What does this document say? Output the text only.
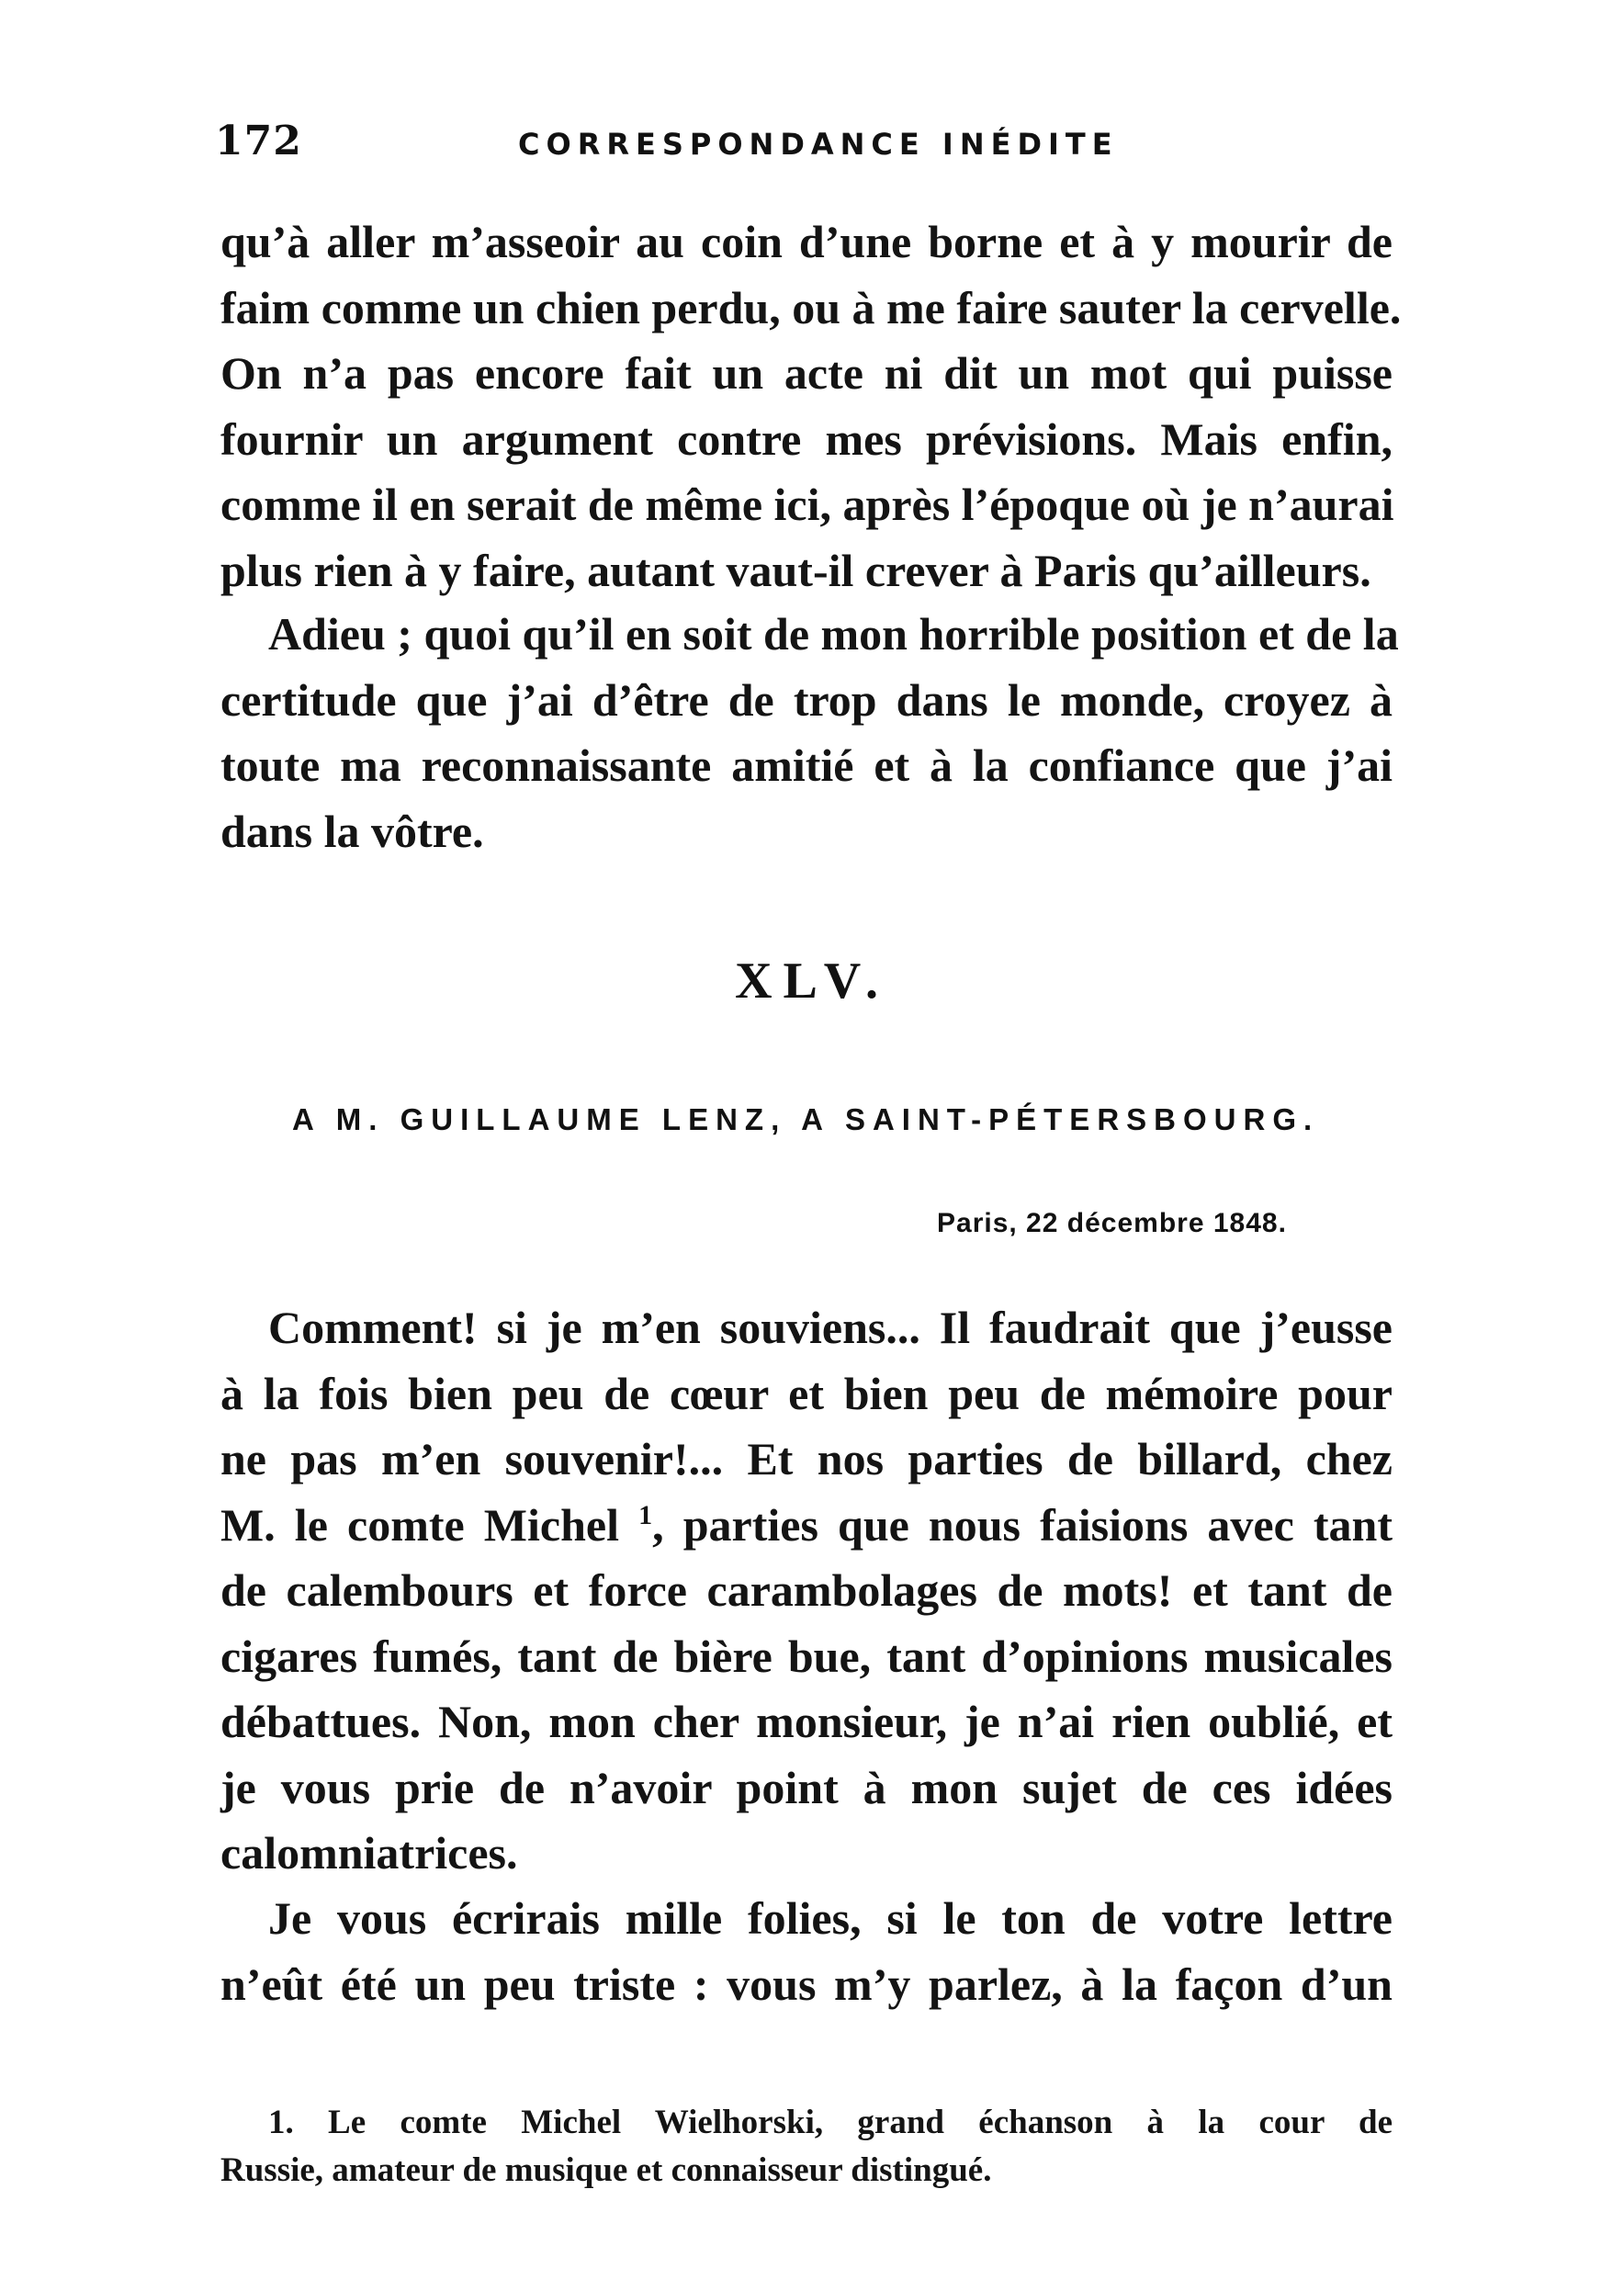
172	CORRESPONDANCE INÉDITE
qu’à aller m’asseoir au coin d’une borne et à y mourir de
faim comme un chien perdu, ou à me faire sauter la cervelle.
On n’a pas encore fait un acte ni dit un mot qui puisse
fournir un argument contre mes prévisions. Mais enfin,
comme il en serait de même ici, après l’époque où je n’aurai
plus rien à y faire, autant vaut-il crever à Paris qu’ailleurs.
Adieu ; quoi qu’il en soit de mon horrible position et de la
certitude que j’ai d’être de trop dans le monde, croyez à
toute ma reconnaissante amitié et à la confiance que j’ai
dans la vôtre.
XLV.
A M. GUILLAUME LENZ, A SAINT-PÉTERSBOURG.
Paris, 22 décembre 1848.
Comment! si je m’en souviens... Il faudrait que j’eusse
à la fois bien peu de cœur et bien peu de mémoire pour
ne pas m’en souvenir!... Et nos parties de billard, chez
M. le comte Michel $^1$, parties que nous faisions avec tant
de calembours et force carambolages de mots! et tant de
cigares fumés, tant de bière bue, tant d’opinions musicales
débattues. Non, mon cher monsieur, je n’ai rien oublié, et
je vous prie de n’avoir point à mon sujet de ces idées
calomniatrices.
Je vous écrirais mille folies, si le ton de votre lettre
n’eût été un peu triste : vous m’y parlez, à la façon d’un
1. Le comte Michel Wielhorski, grand échanson à la cour de
Russie, amateur de musique et connaisseur distingué.
